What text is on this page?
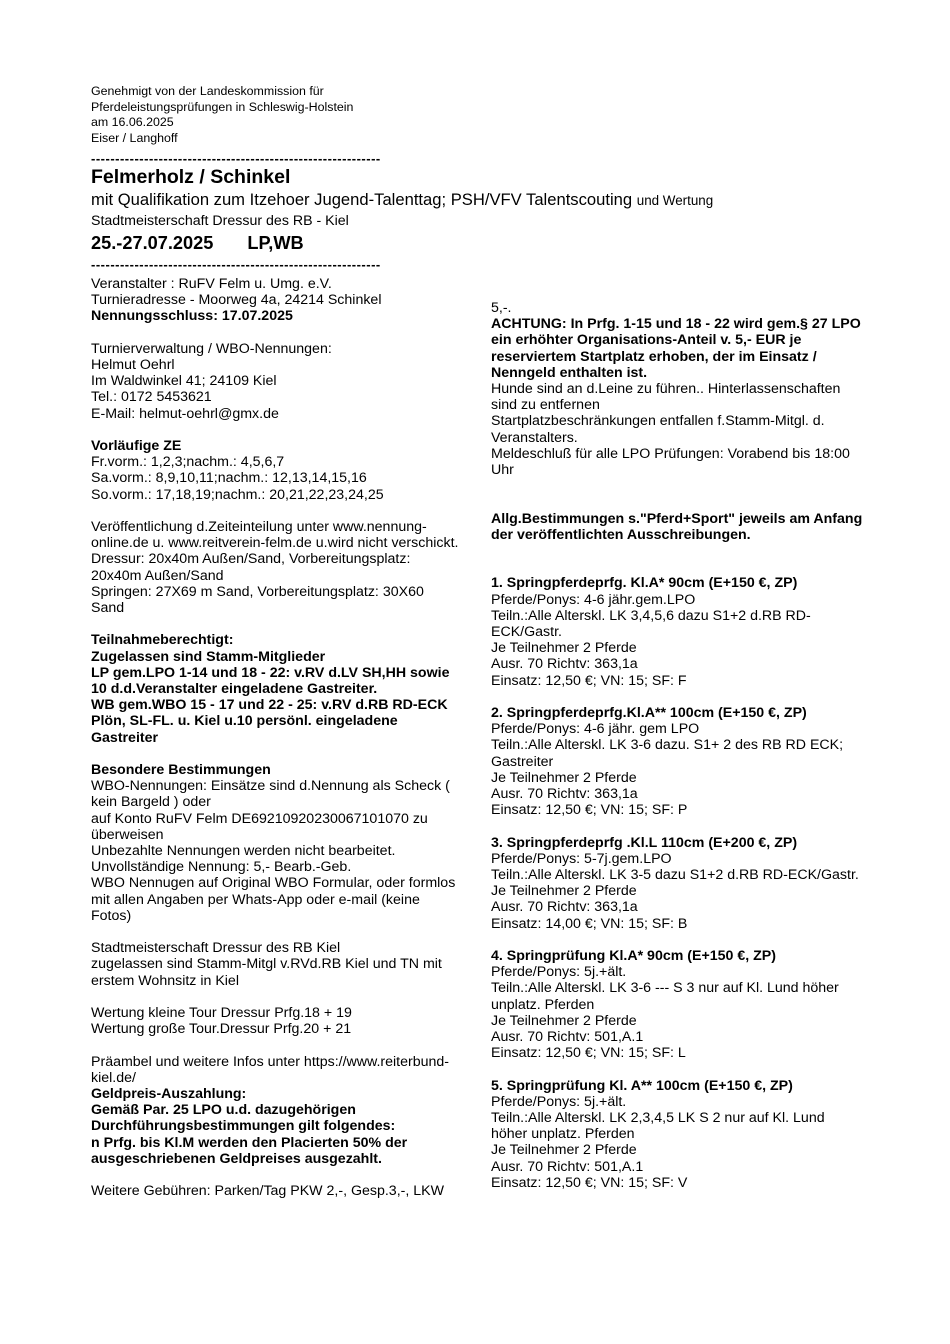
Genehmigt von der Landeskommission für
Pferdeleistungsprüfungen in Schleswig-Holstein
am 16.06.2025
Eiser / Langhoff
------------------------------------------------------------
Felmerholz / Schinkel
mit Qualifikation zum Itzehoer Jugend-Talenttag; PSH/VFV Talentscouting und Wertung
Stadtmeisterschaft Dressur des RB - Kiel
25.-27.07.2025 LP,WB
------------------------------------------------------------

Veranstalter : RuFV Felm u. Umg. e.V.

Turnieradresse - Moorweg 4a, 24214 Schinkel

Nennungsschluss: 17.07.2025

Turnierverwaltung / WBO-Nennungen:

Helmut Oehrl

Im Waldwinkel 41; 24109 Kiel

Tel.: 0172 5453621

E-Mail: helmut-oehrl@gmx.de

Vorläufige ZE

Fr.vorm.: 1,2,3;nachm.: 4,5,6,7

Sa.vorm.: 8,9,10,11;nachm.: 12,13,14,15,16

So.vorm.: 17,18,19;nachm.: 20,21,22,23,24,25

Veröffentlichung d.Zeiteinteilung unter www.nennung-

online.de u. www.reitverein-felm.de u.wird nicht verschickt.

Dressur: 20x40m Außen/Sand, Vorbereitungsplatz:

20x40m Außen/Sand

Springen: 27X69 m Sand, Vorbereitungsplatz: 30X60

Sand

Teilnahmeberechtigt:

Zugelassen sind Stamm-Mitglieder

LP gem.LPO 1-14 und 18 - 22: v.RV d.LV SH,HH sowie

10 d.d.Veranstalter eingeladene Gastreiter.

WB gem.WBO 15 - 17 und 22 - 25: v.RV d.RB RD-ECK

Plön, SL-FL. u. Kiel u.10 persönl. eingeladene

Gastreiter

Besondere Bestimmungen

WBO-Nennungen: Einsätze sind d.Nennung als Scheck (

kein Bargeld ) oder

auf Konto RuFV Felm DE69210920230067101070 zu

überweisen

Unbezahlte Nennungen werden nicht bearbeitet.

Unvollständige Nennung: 5,- Bearb.-Geb.

WBO Nennugen auf Original WBO Formular, oder formlos

mit allen Angaben per Whats-App oder e-mail (keine

Fotos)

Stadtmeisterschaft Dressur des RB Kiel

zugelassen sind Stamm-Mitgl v.RVd.RB Kiel und TN mit

erstem Wohnsitz in Kiel

Wertung kleine Tour Dressur Prfg.18 + 19

Wertung große Tour.Dressur Prfg.20 + 21

Präambel und weitere Infos unter https://www.reiterbund-

kiel.de/

Geldpreis-Auszahlung:

Gemäß Par. 25 LPO u.d. dazugehörigen

Durchführungsbestimmungen gilt folgendes:

n Prfg. bis Kl.M werden den Placierten 50% der

ausgeschriebenen Geldpreises ausgezahlt.

Weitere Gebühren: Parken/Tag PKW 2,-, Gesp.3,-, LKW

5,-.

ACHTUNG: In Prfg. 1-15 und 18 - 22 wird gem.§ 27 LPO

ein erhöhter Organisations-Anteil v. 5,- EUR je

reserviertem Startplatz erhoben, der im Einsatz /

Nenngeld enthalten ist.

Hunde sind an d.Leine zu führen.. Hinterlassenschaften

sind zu entfernen

Startplatzbeschränkungen entfallen f.Stamm-Mitgl. d.

Veranstalters.

Meldeschluß für alle LPO Prüfungen: Vorabend bis 18:00

Uhr

Allg.Bestimmungen s."Pferd+Sport" jeweils am Anfang

der veröffentlichten Ausschreibungen.

1. Springpferdeprfg. Kl.A* 90cm (E+150 €, ZP)

Pferde/Ponys: 4-6 jähr.gem.LPO

Teiln.:Alle Alterskl. LK 3,4,5,6 dazu S1+2 d.RB RD-

ECK/Gastr.

Je Teilnehmer 2 Pferde

Ausr. 70 Richtv: 363,1a

Einsatz: 12,50 €; VN: 15; SF: F

2. Springpferdeprfg.Kl.A** 100cm (E+150 €, ZP)

Pferde/Ponys: 4-6 jähr. gem LPO

Teiln.:Alle Alterskl. LK 3-6 dazu. S1+ 2 des RB RD ECK;

Gastreiter

Je Teilnehmer 2 Pferde

Ausr. 70 Richtv: 363,1a

Einsatz: 12,50 €; VN: 15; SF: P

3. Springpferdeprfg .Kl.L 110cm (E+200 €, ZP)

Pferde/Ponys: 5-7j.gem.LPO

Teiln.:Alle Alterskl. LK 3-5 dazu S1+2 d.RB RD-ECK/Gastr.

Je Teilnehmer 2 Pferde

Ausr. 70 Richtv: 363,1a

Einsatz: 14,00 €; VN: 15; SF: B

4. Springprüfung Kl.A* 90cm (E+150 €, ZP)

Pferde/Ponys: 5j.+ält.

Teiln.:Alle Alterskl. LK 3-6 --- S 3 nur auf Kl. Lund höher

unplatz. Pferden

Je Teilnehmer 2 Pferde

Ausr. 70 Richtv: 501,A.1

Einsatz: 12,50 €; VN: 15; SF: L

5. Springprüfung Kl. A** 100cm (E+150 €, ZP)

Pferde/Ponys: 5j.+ält.

Teiln.:Alle Alterskl. LK 2,3,4,5 LK S 2 nur auf Kl. Lund

höher unplatz. Pferden

Je Teilnehmer 2 Pferde

Ausr. 70 Richtv: 501,A.1

Einsatz: 12,50 €; VN: 15; SF: V
